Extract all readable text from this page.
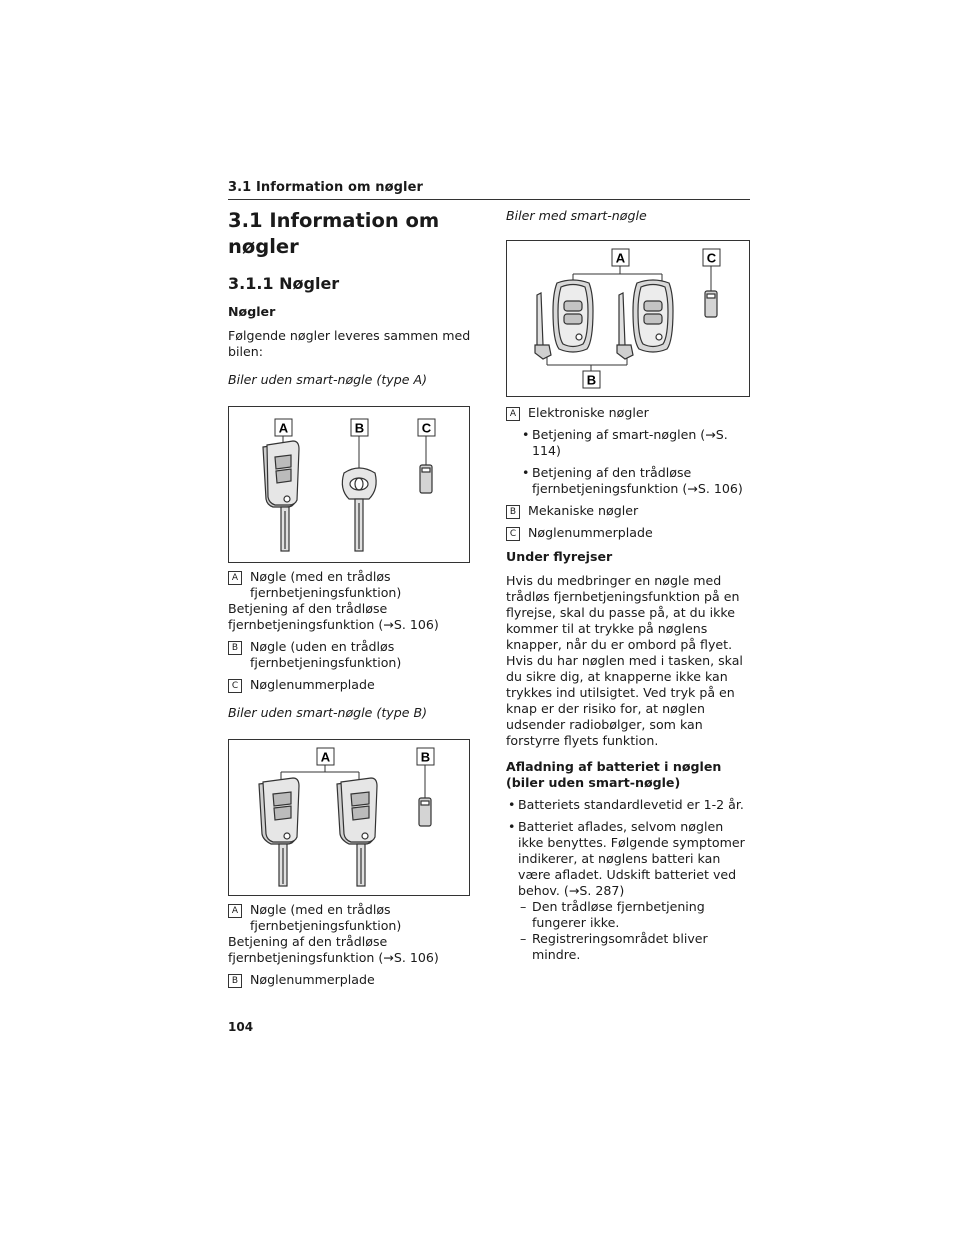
3.1 Information om nøgler
3.1 Information om nøgler
3.1.1 Nøgler

Nøgler

Følgende nøgler leveres sammen med bilen:

Biler uden smart-nøgle (type A)

A	B	C
A Nøgle (med en trådløs fjernbetjeningsfunktion)

Betjening af den trådløse fjernbetjeningsfunktion (→S. 106)

B Nøgle (uden en trådløs fjernbetjeningsfunktion)
C Nøglenummerplade

Biler uden smart-nøgle (type B)

A	B
A Nøgle (med en trådløs fjernbetjeningsfunktion)

Betjening af den trådløse fjernbetjeningsfunktion (→S. 106)

B Nøglenummerplade

Biler med smart-nøgle

A	C
B
A Elektroniske nøgler
• Betjening af smart-nøglen (→S. 114)
• Betjening af den trådløse fjernbetjeningsfunktion (→S. 106)
B Mekaniske nøgler
C Nøglenummerplade

Under flyrejser

Hvis du medbringer en nøgle med trådløs fjernbetjeningsfunktion på en flyrejse, skal du passe på, at du ikke kommer til at trykke på nøglens knapper, når du er ombord på flyet. Hvis du har nøglen med i tasken, skal du sikre dig, at knapperne ikke kan trykkes ind utilsigtet. Ved tryk på en knap er der risiko for, at nøglen udsender radiobølger, som kan forstyrre flyets funktion.

Afladning af batteriet i nøglen (biler uden smart-nøgle)

• Batteriets standardlevetid er 1-2 år.
• Batteriet aflades, selvom nøglen ikke benyttes. Følgende symptomer indikerer, at nøglens batteri kan være afladet. Udskift batteriet ved behov. (→S. 287)
– Den trådløse fjernbetjening fungerer ikke.
– Registreringsområdet bliver mindre.
104
